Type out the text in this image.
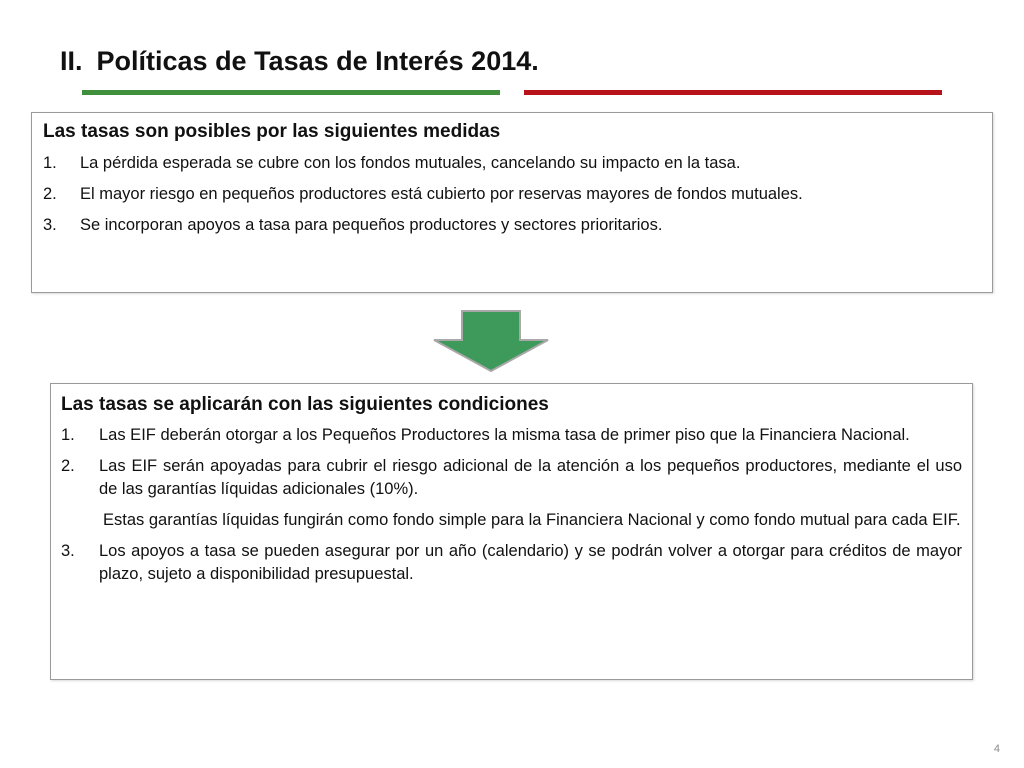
II. Políticas de Tasas de Interés 2014.
Las tasas son posibles por las siguientes medidas
1.	La pérdida esperada se cubre con los fondos mutuales, cancelando su impacto en la tasa.
2.	El mayor riesgo en pequeños productores está cubierto por reservas mayores de fondos mutuales.
3.	Se incorporan apoyos a tasa para pequeños productores y sectores prioritarios.
Las tasas se aplicarán con las siguientes condiciones
1.	Las EIF deberán otorgar a los Pequeños Productores la misma tasa de primer piso que la Financiera Nacional.
2.	Las EIF serán apoyadas para cubrir el riesgo adicional de la atención a los pequeños productores, mediante el uso de las garantías líquidas adicionales (10%).
Estas garantías líquidas fungirán como fondo simple para la Financiera Nacional y como fondo mutual para cada EIF.
3.	Los apoyos a tasa se pueden asegurar por un año (calendario) y se podrán volver a otorgar para créditos de mayor plazo, sujeto a disponibilidad presupuestal.
4
